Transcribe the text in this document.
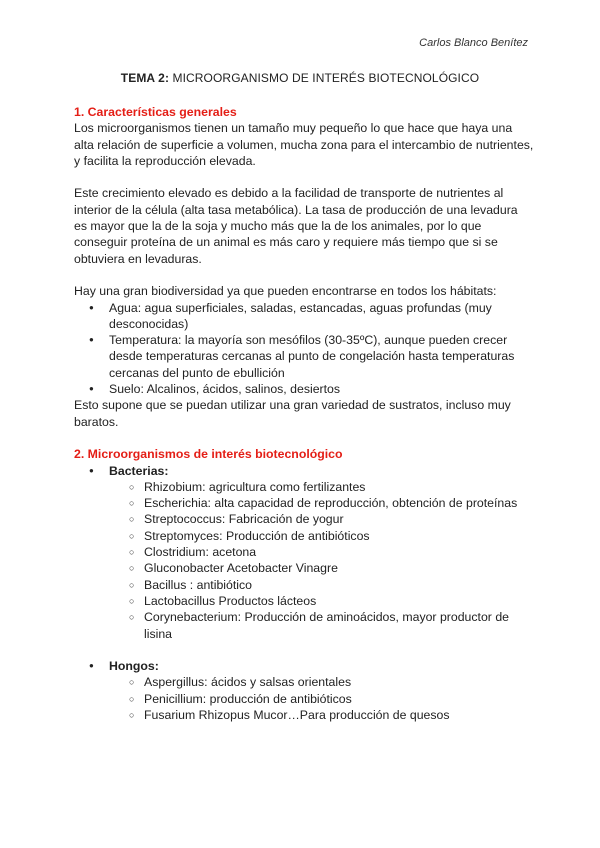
Carlos Blanco Benítez
TEMA 2: MICROORGANISMO DE INTERÉS BIOTECNOLÓGICO
1. Características generales

Los microorganismos tienen un tamaño muy pequeño lo que hace que haya una alta relación de superficie a volumen, mucha zona para el intercambio de nutrientes, y facilita la reproducción elevada.

Este crecimiento elevado es debido a la facilidad de transporte de nutrientes al interior de la célula (alta tasa metabólica). La tasa de producción de una levadura es mayor que la de la soja y mucho más que la de los animales, por lo que conseguir proteína de un animal es más caro y requiere más tiempo que si se obtuviera en levaduras.

Hay una gran biodiversidad ya que pueden encontrarse en todos los hábitats:

● Agua: agua superficiales, saladas, estancadas, aguas profundas (muy desconocidas)
● Temperatura: la mayoría son mesófilos (30-35ºC), aunque pueden crecer desde temperaturas cercanas al punto de congelación hasta temperaturas cercanas del punto de ebullición
● Suelo: Alcalinos, ácidos, salinos, desiertos

Esto supone que se puedan utilizar una gran variedad de sustratos, incluso muy baratos.

2. Microorganismos de interés biotecnológico
● Bacterias:
○ Rhizobium: agricultura como fertilizantes
○ Escherichia: alta capacidad de reproducción, obtención de proteínas
○ Streptococcus: Fabricación de yogur
○ Streptomyces: Producción de antibióticos
○ Clostridium: acetona
○ Gluconobacter Acetobacter Vinagre
○ Bacillus : antibiótico
○ Lactobacillus Productos lácteos
○ Corynebacterium: Producción de aminoácidos, mayor productor de lisina
● Hongos:
○ Aspergillus: ácidos y salsas orientales
○ Penicillium: producción de antibióticos
○ Fusarium Rhizopus Mucor…Para producción de quesos
